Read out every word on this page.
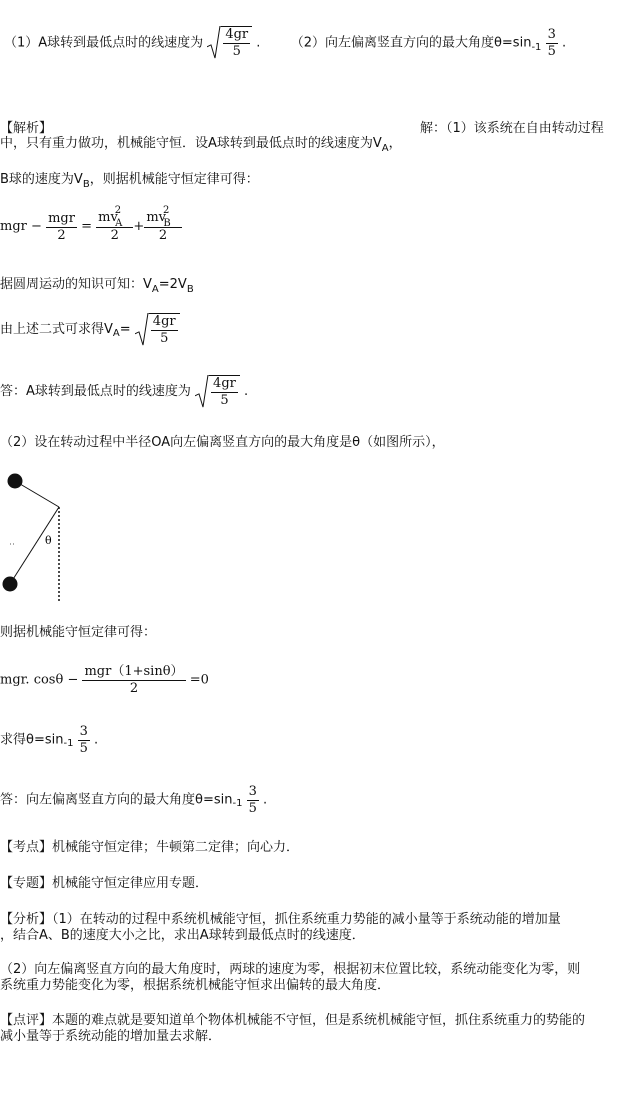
（1）A球转到最低点时的线速度为 $\frac{4gr}{5}$ . （2）向左偏离竖直方向的最大角度$\theta=\sin_{-1} \frac{3}{5}$ .
【解析】	解：（1）该系统在自由转动过程
中，只有重力做功，机械能守恒．设A球转到最低点时的线速度为$V_A$，
B球的速度为$V_B$，则据机械能守恒定律可得：
mgr − $\frac{\text{mgr}}{2} = \frac{mv^2_A}{2} + \frac{mv^2_B}{2}$
据圆周运动的知识可知：$V_A=2V_B$
由上述二式可求得$V_A= \frac{4gr}{5}$
答：A球转到最低点时的线速度为 $\frac{4gr}{5}$ .
（2）设在转动过程中半径OA向左偏离竖直方向的最大角度是θ（如图所示），
θ
则据机械能守恒定律可得：
mgr. $\cos\theta - \frac{\text{mgr（1+sinθ）}}{2} =0$
求得$\theta=\sin_{-1} \frac{3}{5}$ .
答：向左偏离竖直方向的最大角度$\theta=\sin_{-1} \frac{3}{5}$ .
【考点】机械能守恒定律；牛顿第二定律；向心力．
【专题】机械能守恒定律应用专题．
【分析】（1）在转动的过程中系统机械能守恒，抓住系统重力势能的减小量等于系统动能的增加量
，结合A、B的速度大小之比，求出A球转到最低点时的线速度．
（2）向左偏离竖直方向的最大角度时，两球的速度为零，根据初末位置比较，系统动能变化为零，则
系统重力势能变化为零，根据系统机械能守恒求出偏转的最大角度．
【点评】本题的难点就是要知道单个物体机械能不守恒，但是系统机械能守恒，抓住系统重力的势能的
减小量等于系统动能的增加量去求解．
